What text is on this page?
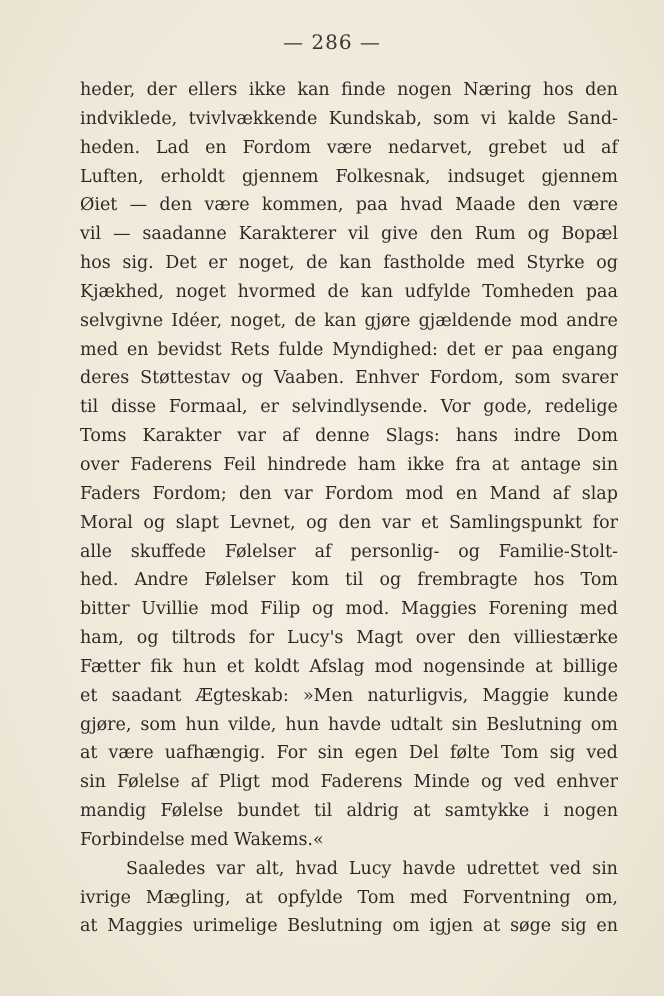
— 286 —
heder, der ellers ikke kan finde nogen Næring hos den
indviklede, tvivlvækkende Kundskab, som vi kalde Sand-
heden. Lad en Fordom være nedarvet, grebet ud af
Luften, erholdt gjennem Folkesnak, indsuget gjennem
Øiet — den være kommen, paa hvad Maade den være
vil — saadanne Karakterer vil give den Rum og Bopæl
hos sig. Det er noget, de kan fastholde med Styrke og
Kjækhed, noget hvormed de kan udfylde Tomheden paa
selvgivne Idéer, noget, de kan gjøre gjældende mod andre
med en bevidst Rets fulde Myndighed: det er paa engang
deres Støttestav og Vaaben. Enhver Fordom, som svarer
til disse Formaal, er selvindlysende. Vor gode, redelige
Toms Karakter var af denne Slags: hans indre Dom
over Faderens Feil hindrede ham ikke fra at antage sin
Faders Fordom; den var Fordom mod en Mand af slap
Moral og slapt Levnet, og den var et Samlingspunkt for
alle skuffede Følelser af personlig- og Familie-Stolt-
hed. Andre Følelser kom til og frembragte hos Tom
bitter Uvillie mod Filip og mod. Maggies Forening med
ham, og tiltrods for Lucy's Magt over den villiestærke
Fætter fik hun et koldt Afslag mod nogensinde at billige
et saadant Ægteskab: »Men naturligvis, Maggie kunde
gjøre, som hun vilde, hun havde udtalt sin Beslutning om
at være uafhængig. For sin egen Del følte Tom sig ved
sin Følelse af Pligt mod Faderens Minde og ved enhver
mandig Følelse bundet til aldrig at samtykke i nogen
Forbindelse med Wakems.«
Saaledes var alt, hvad Lucy havde udrettet ved sin
ivrige Mægling, at opfylde Tom med Forventning om,
at Maggies urimelige Beslutning om igjen at søge sig en
